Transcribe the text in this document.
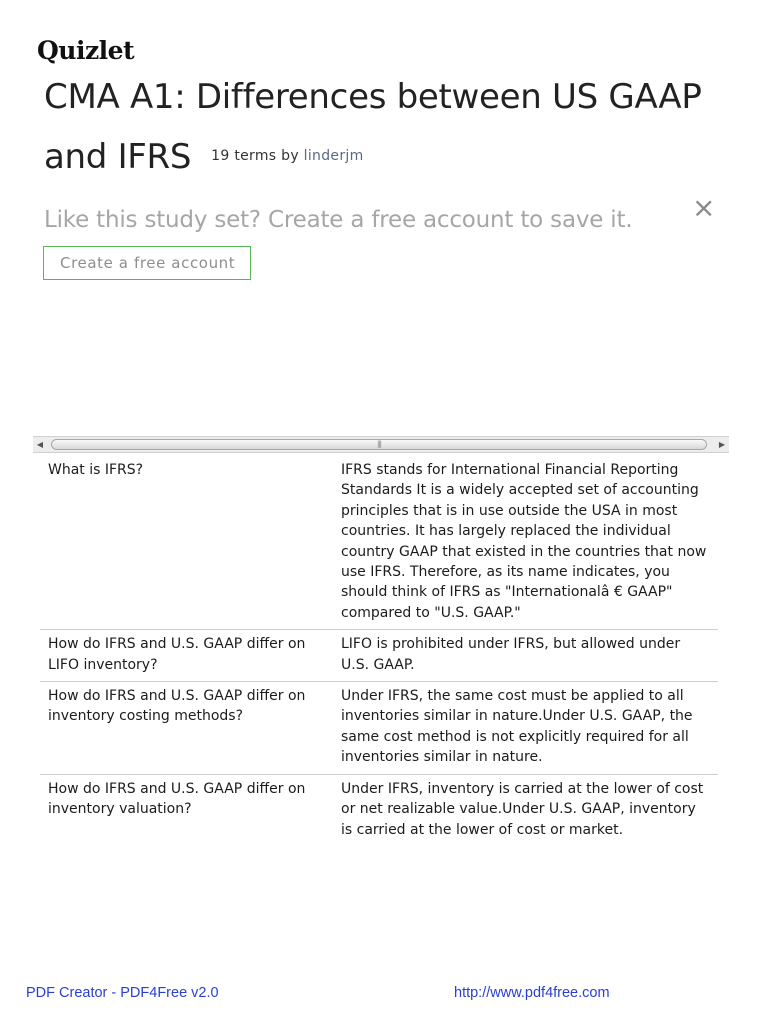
Quizlet
CMA A1: Differences between US GAAP and IFRS $^{19 terms by linderjm}$
Like this study set? Create a free account to save it. ×
Create a free account
◀	|||	▶
What is IFRS?	IFRS stands for International Financial Reporting Standards It is a widely accepted set of accounting principles that is in use outside the USA in most countries. It has largely replaced the individual country GAAP that existed in the countries that now use IFRS. Therefore, as its name indicates, you should think of IFRS as "Internationalâ € GAAP" compared to "U.S. GAAP."
How do IFRS and U.S. GAAP differ on LIFO inventory?	LIFO is prohibited under IFRS, but allowed under U.S. GAAP.
How do IFRS and U.S. GAAP differ on inventory costing methods?	Under IFRS, the same cost must be applied to all inventories similar in nature.Under U.S. GAAP, the same cost method is not explicitly required for all inventories similar in nature.
How do IFRS and U.S. GAAP differ on inventory valuation?	Under IFRS, inventory is carried at the lower of cost or net realizable value.Under U.S. GAAP, inventory is carried at the lower of cost or market.
PDF Creator - PDF4Free v2.0	http://www.pdf4free.com
